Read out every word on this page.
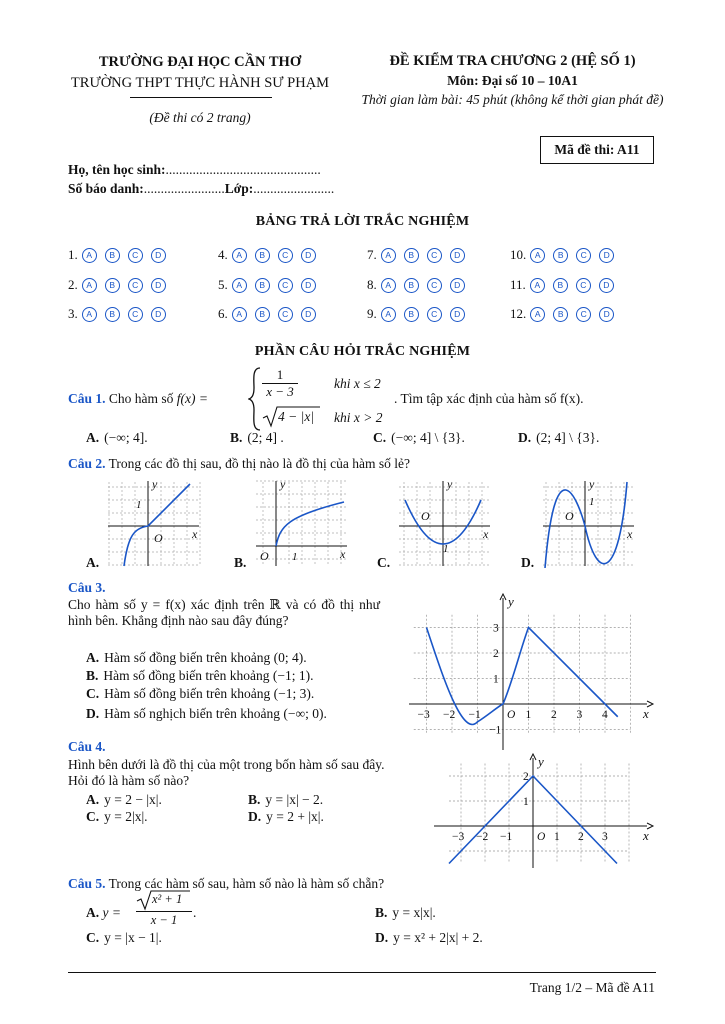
TRƯỜNG ĐẠI HỌC CẦN THƠ
TRƯỜNG THPT THỰC HÀNH SƯ PHẠM
(Đề thi có 2 trang)
ĐỀ KIỂM TRA CHƯƠNG 2 (HỆ SỐ 1)
Môn: Đại số 10 – 10A1
Thời gian làm bài: 45 phút (không kể thời gian phát đề)
Mã đề thi: A11
Họ, tên học sinh:..............................................
Số báo danh:........................Lớp:........................
BẢNG TRẢ LỜI TRẮC NGHIỆM
1.	A	B	C	D	4.	A	B	C	D	7.	A	B	C	D	10.	A	B	C	D
2.	A	B	C	D	5.	A	B	C	D	8.	A	B	C	D	11.	A	B	C	D
3.	A	B	C	D	6.	A	B	C	D	9.	A	B	C	D	12.	A	B	C	D
PHẦN CÂU HỎI TRẮC NGHIỆM
Câu 1. Cho hàm số f(x) =	$\frac{1}{x - 3}$	khi x ≤ 2
4 − |x| khi x > 2
. Tìm tập xác định của hàm số f(x).
A. (−∞; 4].	B. (2; 4] .	C. (−∞; 4] \ {3}.	D. (2; 4] \ {3}.
Câu 2. Trong các đồ thị sau, đồ thị nào là đồ thị của hàm số lẻ?
A.
x
y
O
1
B.
x
y
O 1	C.
x
y
O
1
D.
x
y
O
1
Câu 3.
Cho hàm số y = f(x) xác định trên ℝ và có đồ thị như hình bên. Khẳng định nào sau đây đúng?
A. Hàm số đồng biến trên khoảng (0; 4).
B. Hàm số đồng biến trên khoảng (−1; 1).
C. Hàm số đồng biến trên khoảng (−1; 3).
D. Hàm số nghịch biến trên khoảng (−∞; 0).	x
y
−3 −2 −1 O 1 2 3 4
3
2
1
−1
Câu 4.
Hình bên dưới là đồ thị của một trong bốn hàm số sau đây. Hỏi đó là hàm số nào?
A. y = 2 − |x|.	B. y = |x| − 2.
C. y = 2|x|.	D. y = 2 + |x|.
x
y
−3 −2 −1 O 1 2 3
2
1
Câu 5. Trong các hàm số sau, hàm số nào là hàm số chẵn?
A. y =
x² + 1
x − 1	.	B. y = x|x|.
C. y = |x − 1|.	D. y = x² + 2|x| + 2.
Trang 1/2 – Mã đề A11
